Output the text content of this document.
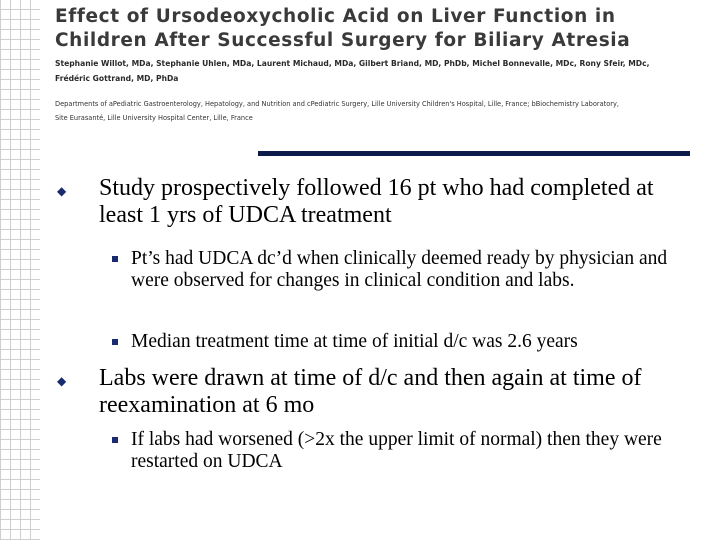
Effect of Ursodeoxycholic Acid on Liver Function in
Children After Successful Surgery for Biliary Atresia
Stephanie Willot, MDa, Stephanie Uhlen, MDa, Laurent Michaud, MDa, Gilbert Briand, MD, PhDb, Michel Bonnevalle, MDc, Rony Sfeir, MDc,
Frédéric Gottrand, MD, PhDa
Departments of aPediatric Gastroenterology, Hepatology, and Nutrition and cPediatric Surgery, Lille University Children's Hospital, Lille, France; bBiochemistry Laboratory,
Site Eurasanté, Lille University Hospital Center, Lille, France
◆ Study prospectively followed 16 pt who had completed at least 1 yrs of UDCA treatment
Pt’s had UDCA dc’d when clinically deemed ready by physician and were observed for changes in clinical condition and labs.
Median treatment time at time of initial d/c was 2.6 years
◆ Labs were drawn at time of d/c and then again at time of reexamination at 6 mo
If labs had worsened (>2x the upper limit of normal) then they were restarted on UDCA
